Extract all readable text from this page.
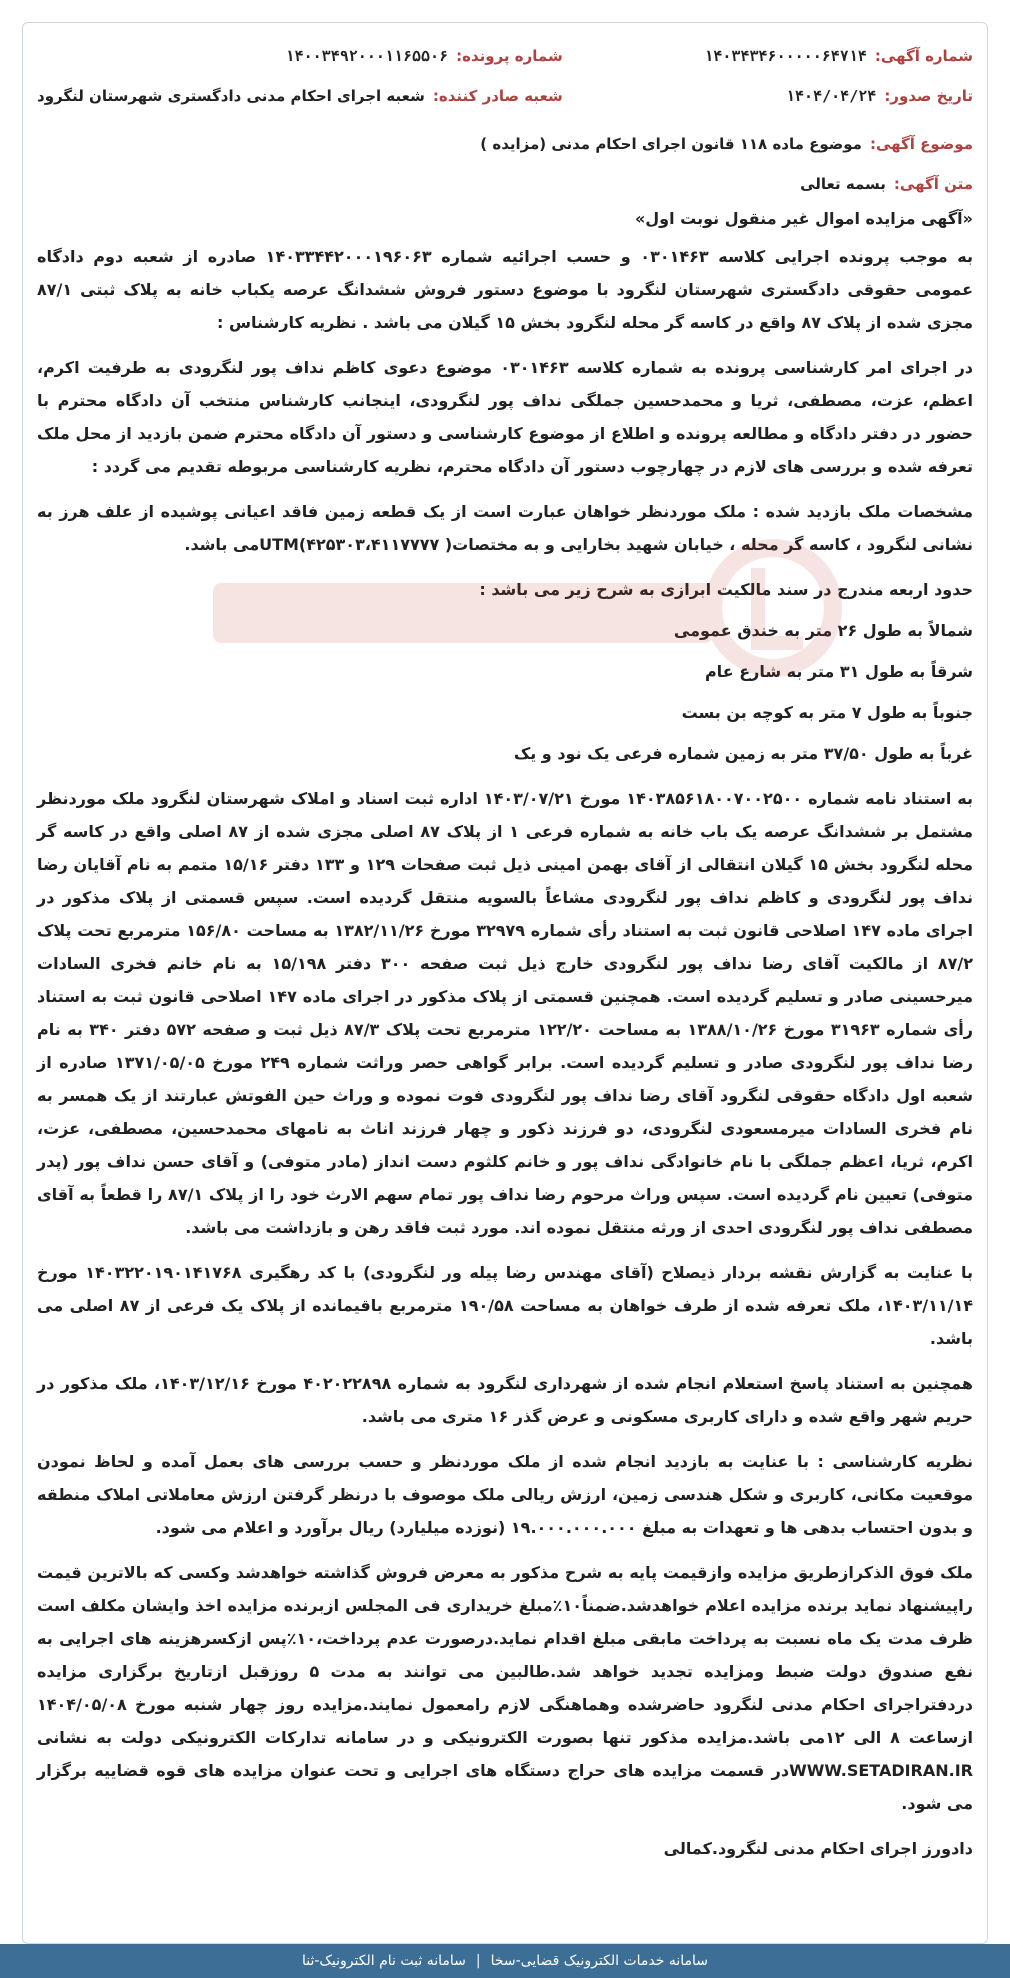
شماره آگهی:۱۴۰۳۴۳۴۶۰۰۰۰۰۶۴۷۱۴
شماره پرونده:۱۴۰۰۳۴۹۲۰۰۰۱۱۶۵۵۰۶
تاریخ صدور:۱۴۰۴/۰۴/۲۴
شعبه صادر کننده:شعبه اجرای احکام مدنی دادگستری شهرستان لنگرود
موضوع آگهی:موضوع ماده ۱۱۸ قانون اجرای احکام مدنی (مزایده )
متن آگهی:بسمه تعالی
«آگهی مزایده اموال غیر منقول نوبت اول»
به موجب پرونده اجرایی کلاسه ۰۳۰۱۴۶۳ و حسب اجرائیه شماره ۱۴۰۳۳۴۴۲۰۰۰۱۹۶۰۶۳ صادره از شعبه دوم دادگاه عمومی حقوقی دادگستری شهرستان لنگرود با موضوع دستور فروش ششدانگ عرصه یکباب خانه به پلاک ثبتی ۸۷/۱ مجزی شده از پلاک ۸۷ واقع در کاسه گر محله لنگرود بخش ۱۵ گیلان می باشد . نظریه کارشناس :
در اجرای امر کارشناسی پرونده به شماره کلاسه ۰۳۰۱۴۶۳ موضوع دعوی کاظم نداف پور لنگرودی به طرفیت اکرم، اعظم، عزت، مصطفی، ثریا و محمدحسین جملگی نداف پور لنگرودی، اینجانب کارشناس منتخب آن دادگاه محترم با حضور در دفتر دادگاه و مطالعه پرونده و اطلاع از موضوع کارشناسی و دستور آن دادگاه محترم ضمن بازدید از محل ملک تعرفه شده و بررسی های لازم در چهارچوب دستور آن دادگاه محترم، نظریه کارشناسی مربوطه تقدیم می گردد :
مشخصات ملک بازدید شده : ملک موردنظر خواهان عبارت است از یک قطعه زمین فاقد اعیانی پوشیده از علف هرز به نشانی لنگرود ، کاسه گر محله ، خیابان شهید بخارایی و به مختصات( UTM(۴۲۵۳۰۳،۴۱۱۷۷۷۷می باشد.
حدود اربعه مندرج در سند مالکیت ابرازی به شرح زیر می باشد :
شمالاً به طول ۲۶ متر به خندق عمومی
شرقاً به طول ۳۱ متر به شارع عام
جنوباً به طول ۷ متر به کوچه بن بست
غرباً به طول ۳۷/۵۰ متر به زمین شماره فرعی یک نود و یک
به استناد نامه شماره ۱۴۰۳۸۵۶۱۸۰۰۷۰۰۲۵۰۰ مورخ ۱۴۰۳/۰۷/۲۱ اداره ثبت اسناد و املاک شهرستان لنگرود ملک موردنظر مشتمل بر ششدانگ عرصه یک باب خانه به شماره فرعی ۱ از پلاک ۸۷ اصلی مجزی شده از ۸۷ اصلی واقع در کاسه گر محله لنگرود بخش ۱۵ گیلان انتقالی از آقای بهمن امینی ذیل ثبت صفحات ۱۲۹ و ۱۳۳ دفتر ۱۵/۱۶ متمم به نام آقایان رضا نداف پور لنگرودی و کاظم نداف پور لنگرودی مشاعاً بالسویه منتقل گردیده است. سپس قسمتی از پلاک مذکور در اجرای ماده ۱۴۷ اصلاحی قانون ثبت به استناد رأی شماره ۳۲۹۷۹ مورخ ۱۳۸۲/۱۱/۲۶ به مساحت ۱۵۶/۸۰ مترمربع تحت پلاک ۸۷/۲ از مالکیت آقای رضا نداف پور لنگرودی خارج ذیل ثبت صفحه ۳۰۰ دفتر ۱۵/۱۹۸ به نام خانم فخری السادات میرحسینی صادر و تسلیم گردیده است. همچنین قسمتی از پلاک مذکور در اجرای ماده ۱۴۷ اصلاحی قانون ثبت به استناد رأی شماره ۳۱۹۶۳ مورخ ۱۳۸۸/۱۰/۲۶ به مساحت ۱۲۲/۲۰ مترمربع تحت پلاک ۸۷/۳ ذیل ثبت و صفحه ۵۷۲ دفتر ۳۴۰ به نام رضا نداف پور لنگرودی صادر و تسلیم گردیده است. برابر گواهی حصر وراثت شماره ۲۴۹ مورخ ۱۳۷۱/۰۵/۰۵ صادره از شعبه اول دادگاه حقوقی لنگرود آقای رضا نداف پور لنگرودی فوت نموده و وراث حین الفوتش عبارتند از یک همسر به نام فخری السادات میرمسعودی لنگرودی، دو فرزند ذکور و چهار فرزند اناث به نامهای محمدحسین، مصطفی، عزت، اکرم، ثریا، اعظم جملگی با نام خانوادگی نداف پور و خانم کلثوم دست انداز (مادر متوفی) و آقای حسن نداف پور (پدر متوفی) تعیین نام گردیده است. سپس وراث مرحوم رضا نداف پور تمام سهم الارث خود را از پلاک ۸۷/۱ را قطعاً به آقای مصطفی نداف پور لنگرودی احدی از ورثه منتقل نموده اند. مورد ثبت فاقد رهن و بازداشت می باشد.
با عنایت به گزارش نقشه بردار ذیصلاح (آقای مهندس رضا پیله ور لنگرودی) با کد رهگیری ۱۴۰۳۲۲۰۱۹۰۱۴۱۷۶۸ مورخ ۱۴۰۳/۱۱/۱۴، ملک تعرفه شده از طرف خواهان به مساحت ۱۹۰/۵۸ مترمربع باقیمانده از پلاک یک فرعی از ۸۷ اصلی می باشد.
همچنین به استناد پاسخ استعلام انجام شده از شهرداری لنگرود به شماره ۴۰۲۰۲۲۸۹۸ مورخ ۱۴۰۳/۱۲/۱۶، ملک مذکور در حریم شهر واقع شده و دارای کاربری مسکونی و عرض گذر ۱۶ متری می باشد.
نظریه کارشناسی : با عنایت به بازدید انجام شده از ملک موردنظر و حسب بررسی های بعمل آمده و لحاظ نمودن موقعیت مکانی، کاربری و شکل هندسی زمین، ارزش ریالی ملک موصوف با درنظر گرفتن ارزش معاملاتی املاک منطقه و بدون احتساب بدهی ها و تعهدات به مبلغ ۱۹.۰۰۰.۰۰۰.۰۰۰ (نوزده میلیارد) ریال برآورد و اعلام می شود.
ملک فوق الذکرازطریق مزایده وازقیمت پایه به شرح مذکور به معرض فروش گذاشته خواهدشد وکسی که بالاترین قیمت راپیشنهاد نماید برنده مزایده اعلام خواهدشد.ضمناً۱۰٪مبلغ خریداری فی المجلس ازبرنده مزایده اخذ وایشان مکلف است ظرف مدت یک ماه نسبت به پرداخت مابقی مبلغ اقدام نماید.درصورت عدم پرداخت،۱۰٪پس ازکسرهزینه های اجرایی به نفع صندوق دولت ضبط ومزایده تجدید خواهد شد.طالبین می توانند به مدت ۵ روزقبل ازتاریخ برگزاری مزایده دردفتراجرای احکام مدنی لنگرود حاضرشده وهماهنگی لازم رامعمول نمایند.مزایده روز چهار شنبه مورخ ۱۴۰۴/۰۵/۰۸ ازساعت ۸ الی ۱۲می باشد.مزایده مذکور تنها بصورت الکترونیکی و در سامانه تدارکات الکترونیکی دولت به نشانی WWW.SETADIRAN.IRدر قسمت مزایده های حراج دستگاه های اجرایی و تحت عنوان مزایده های قوه قضاییه برگزار می شود.
دادورز اجرای احکام مدنی لنگرود.کمالی
سامانه خدمات الکترونیک قضایی-سخا
|
سامانه ثبت نام الکترونیک-ثنا
